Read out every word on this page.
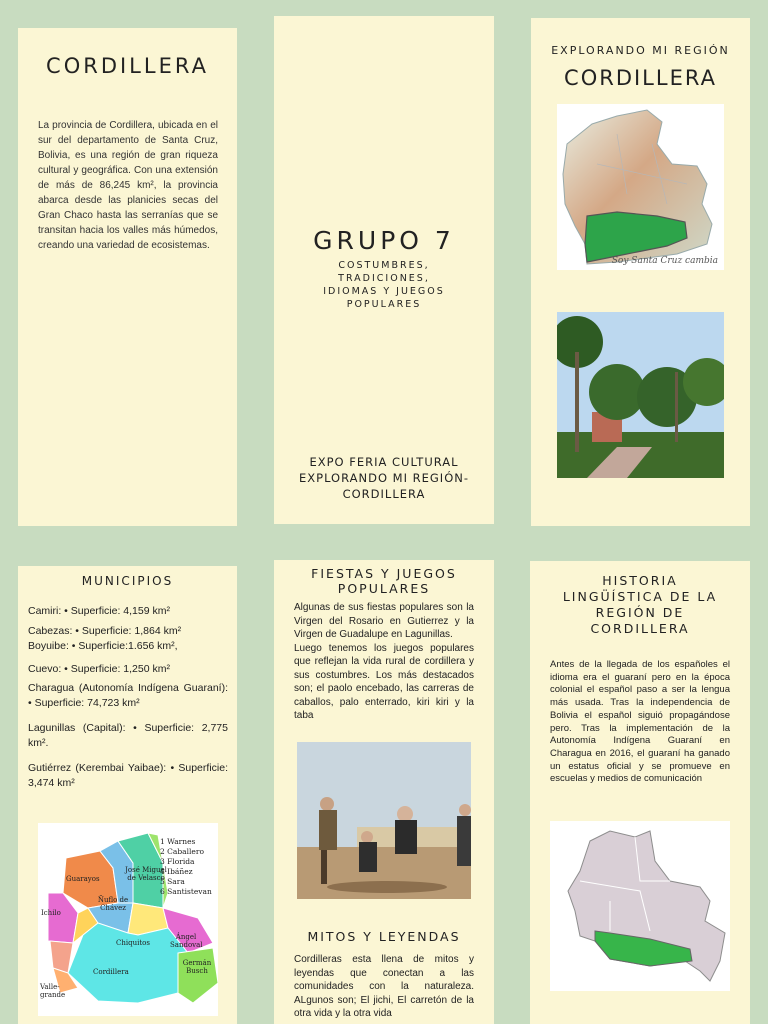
CORDILLERA
La provincia de Cordillera, ubicada en el sur del departamento de Santa Cruz, Bolivia, es una región de gran riqueza cultural y geográfica. Con una extensión de más de 86,245 km², la provincia abarca desde las planicies secas del Gran Chaco hasta las serranías que se transitan hacia los valles más húmedos, creando una variedad de ecosistemas.	GRUPO 7
COSTUMBRES,
TRADICIONES,
IDIOMAS Y JUEGOS
POPULARES
EXPO FERIA CULTURAL
EXPLORANDO MI REGIÓN-
CORDILLERA
EXPLORANDO MI REGIÓN
CORDILLERA
Soy Santa Cruz cambia
MUNICIPIOS

Camiri: • Superficie: 4,159 km²

Cabezas: • Superficie: 1,864 km²

Boyuibe: • Superficie:1.656 km²,

Cuevo: • Superficie: 1,250 km²

Charagua (Autonomía Indígena Guaraní): • Superficie: 74,723 km²

Lagunillas (Capital): • Superficie: 2,775 km².

Gutiérrez (Kerembai Yaibae): • Superficie: 3,474 km²

1 Warnes
2 Caballero
3 Florida
4 Ibáñez
5 Sara
6 Santistevan
Guarayos
Ñuflo de Chávez
José Miguel de Velasco
Ichilo
Chiquitos
Ángel Sandoval
Cordillera
Germán Busch
Valle-grande
FIESTAS Y JUEGOS
POPULARES
Algunas de sus fiestas populares son la Virgen del Rosario en Gutierrez y la Virgen de Guadalupe en Lagunillas.
Luego tenemos los juegos populares que reflejan la vida rural de cordillera y sus costumbres. Los más destacados son; el paolo encebado, las carreras de caballos, palo enterrado, kiri kiri y la taba
MITOS Y LEYENDAS
Cordilleras esta llena de mitos y leyendas que conectan a las comunidades con la naturaleza. ALgunos son; El jichi, El carretón de la otra vida y la otra vida
HISTORIA
LINGÜÍSTICA DE LA
REGIÓN DE
CORDILLERA
Antes de la llegada de los españoles el idioma era el guaraní pero en la época colonial el español paso a ser la lengua más usada. Tras la independencia de Bolivia el español siguió propagándose pero. Tras la implementación de la Autonomía Indígena Guaraní en Charagua en 2016, el guaraní ha ganado un estatus oficial y se promueve en escuelas y medios de comunicación
